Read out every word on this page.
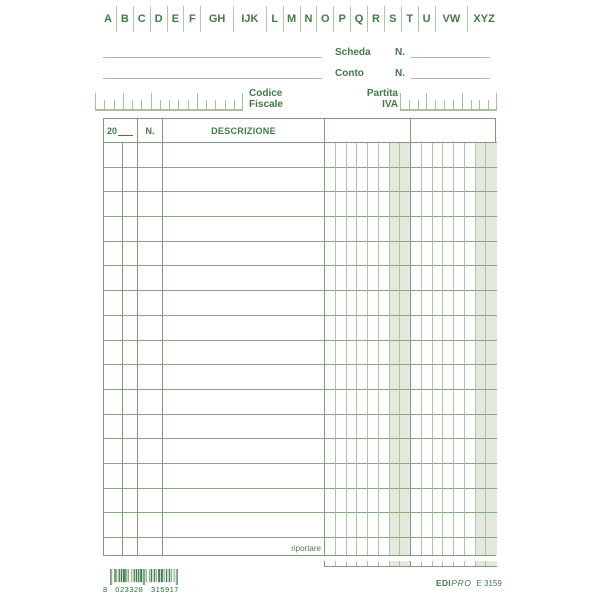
A B C D E F	GH	IJK	L M N O P Q R S T U	VW	XYZ
Scheda	N.
Conto	N.
Codice
Fiscale
Partita
IVA
20	N.	DESCRIZIONE
riportare
8 023328 315917
EDI PRO E 3159
